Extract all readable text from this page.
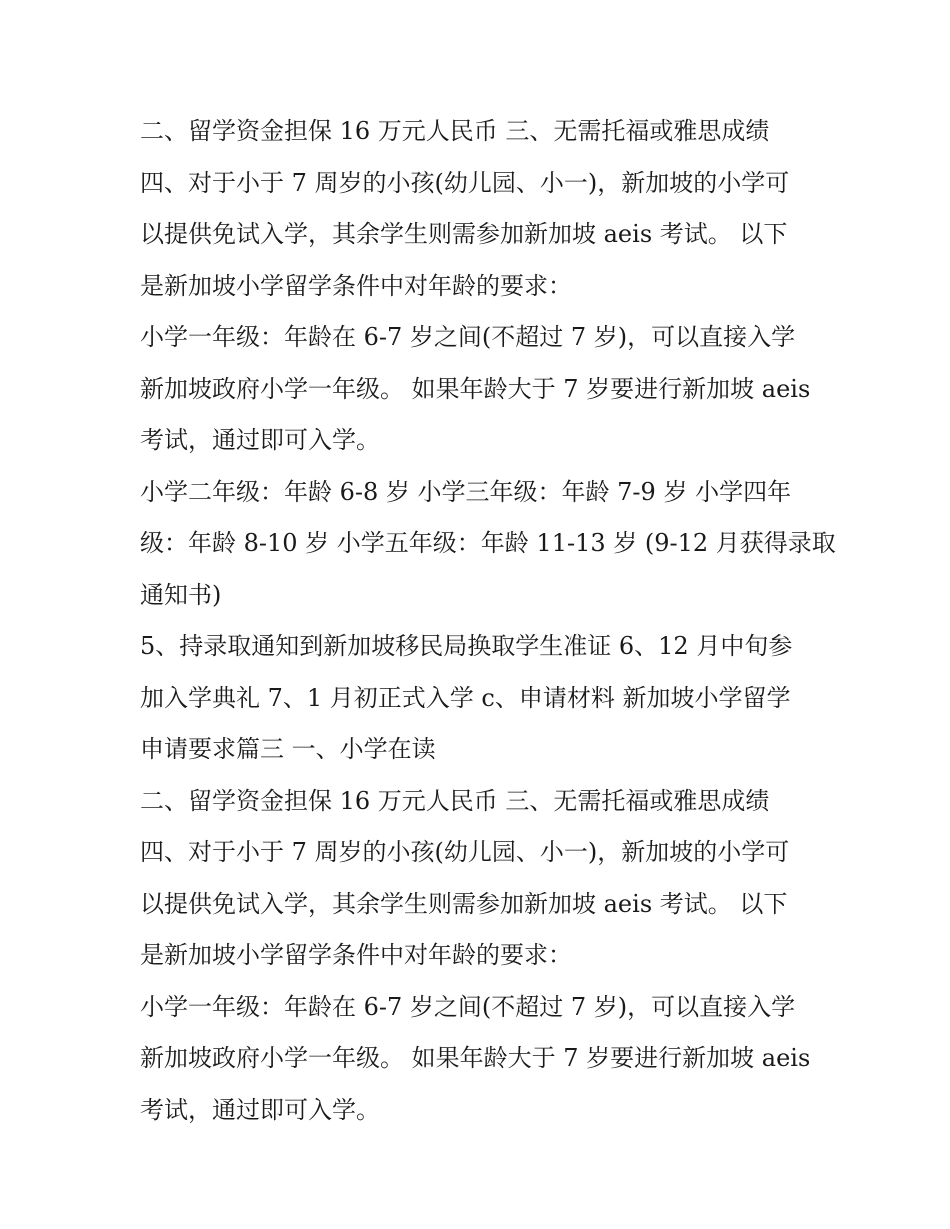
二、留学资金担保 16 万元人民币 三、无需托福或雅思成绩
四、对于小于 7 周岁的小孩(幼儿园、小一)，新加坡的小学可
以提供免试入学，其余学生则需参加新加坡 aeis 考试。 以下
是新加坡小学留学条件中对年龄的要求：
小学一年级：年龄在 6-7 岁之间(不超过 7 岁)，可以直接入学
新加坡政府小学一年级。 如果年龄大于 7 岁要进行新加坡 aeis
考试，通过即可入学。
小学二年级：年龄 6-8 岁 小学三年级：年龄 7-9 岁 小学四年
级：年龄 8-10 岁 小学五年级：年龄 11-13 岁 (9-12 月获得录取
通知书)
5、持录取通知到新加坡移民局换取学生准证 6、12 月中旬参
加入学典礼 7、1 月初正式入学 c、申请材料 新加坡小学留学
申请要求篇三 一、小学在读
二、留学资金担保 16 万元人民币 三、无需托福或雅思成绩
四、对于小于 7 周岁的小孩(幼儿园、小一)，新加坡的小学可
以提供免试入学，其余学生则需参加新加坡 aeis 考试。 以下
是新加坡小学留学条件中对年龄的要求：
小学一年级：年龄在 6-7 岁之间(不超过 7 岁)，可以直接入学
新加坡政府小学一年级。 如果年龄大于 7 岁要进行新加坡 aeis
考试，通过即可入学。
